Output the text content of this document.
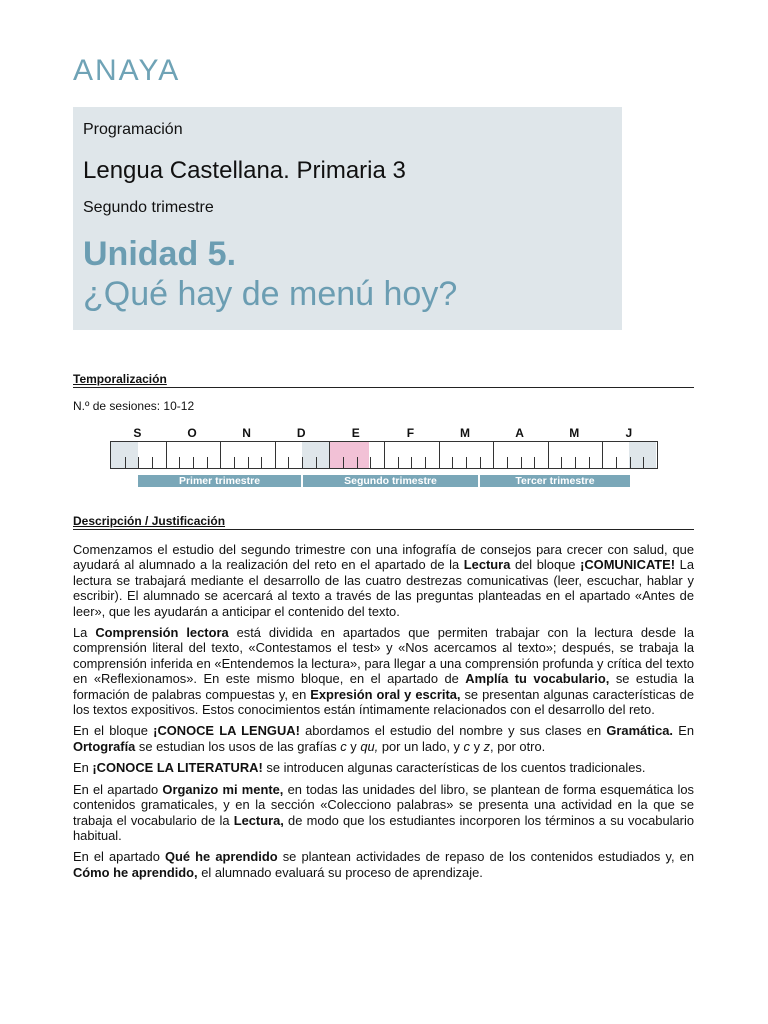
ANAYA
Programación
Lengua Castellana. Primaria 3
Segundo trimestre
Unidad 5.
¿Qué hay de menú hoy?
Temporalización
N.º de sesiones: 10-12
S	O	N	D	E	F	M	A	M	J
Primer trimestre	Segundo trimestre	Tercer trimestre
Descripción / Justificación

Comenzamos el estudio del segundo trimestre con una infografía de consejos para crecer con salud, que ayudará al alumnado a la realización del reto en el apartado de la Lectura del bloque ¡COMUNICATE! La lectura se trabajará mediante el desarrollo de las cuatro destrezas comunicativas (leer, escuchar, hablar y escribir). El alumnado se acercará al texto a través de las preguntas planteadas en el apartado «Antes de leer», que les ayudarán a anticipar el contenido del texto.

La Comprensión lectora está dividida en apartados que permiten trabajar con la lectura desde la comprensión literal del texto, «Contestamos el test» y «Nos acercamos al texto»; después, se trabaja la comprensión inferida en «Entendemos la lectura», para llegar a una comprensión profunda y crítica del texto en «Reflexionamos». En este mismo bloque, en el apartado de Amplía tu vocabulario, se estudia la formación de palabras compuestas y, en Expresión oral y escrita, se presentan algunas características de los textos expositivos. Estos conocimientos están íntimamente relacionados con el desarrollo del reto.

En el bloque ¡CONOCE LA LENGUA! abordamos el estudio del nombre y sus clases en Gramática. En Ortografía se estudian los usos de las grafías c y qu, por un lado, y c y z, por otro.

En ¡CONOCE LA LITERATURA! se introducen algunas características de los cuentos tradicionales.

En el apartado Organizo mi mente, en todas las unidades del libro, se plantean de forma esquemática los contenidos gramaticales, y en la sección «Colecciono palabras» se presenta una actividad en la que se trabaja el vocabulario de la Lectura, de modo que los estudiantes incorporen los términos a su vocabulario habitual.

En el apartado Qué he aprendido se plantean actividades de repaso de los contenidos estudiados y, en Cómo he aprendido, el alumnado evaluará su proceso de aprendizaje.
